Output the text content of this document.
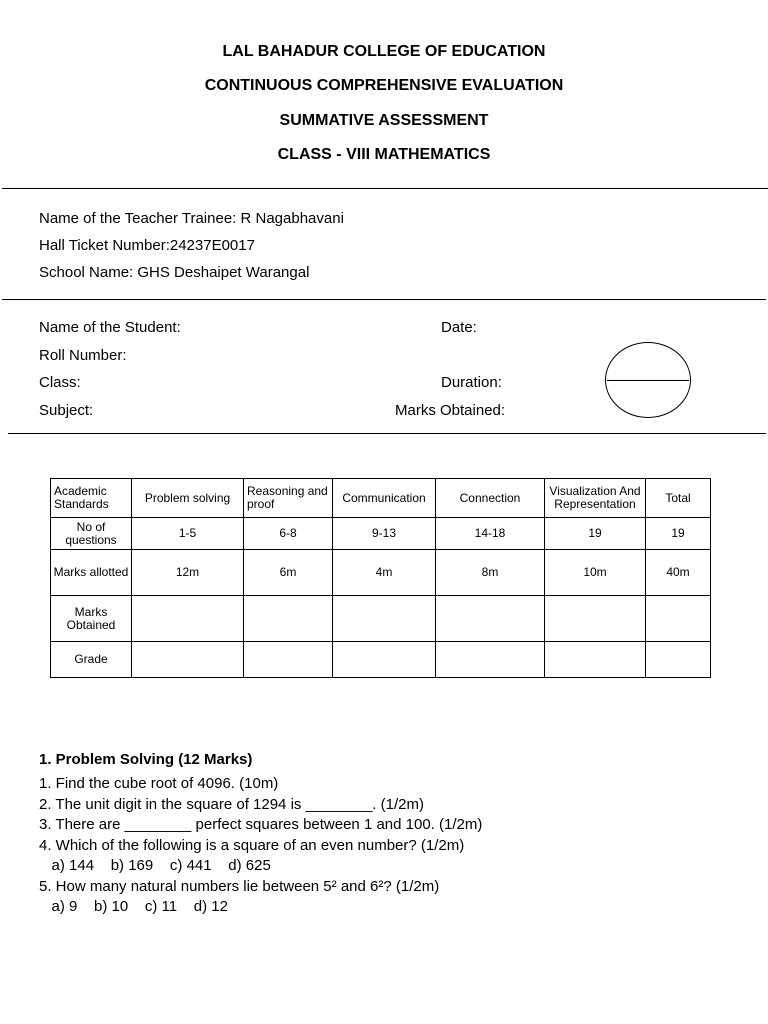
LAL BAHADUR COLLEGE OF EDUCATION
CONTINUOUS COMPREHENSIVE EVALUATION
SUMMATIVE ASSESSMENT
CLASS - VIII MATHEMATICS
Name of the Teacher Trainee: R Nagabhavani
Hall Ticket Number:24237E0017
School Name: GHS Deshaipet Warangal
Name of the Student:	Date:
Roll Number:
Class:	Duration:
Subject:	Marks Obtained:
Academic Standards	Problem solving	Reasoning and proof	Communication	Connection	Visualization And Representation	Total
No of questions	1-5	6-8	9-13	14-18	19	19
Marks allotted	12m	6m	4m	8m	10m	40m
Marks Obtained						
Grade						
1. Problem Solving (12 Marks)
1. Find the cube root of 4096. (10m)
2. The unit digit in the square of 1294 is ________. (1/2m)
3. There are ________ perfect squares between 1 and 100. (1/2m)
4. Which of the following is a square of an even number? (1/2m)
a) 144    b) 169    c) 441    d) 625
5. How many natural numbers lie between 5² and 6²? (1/2m)
a) 9    b) 10    c) 11    d) 12
